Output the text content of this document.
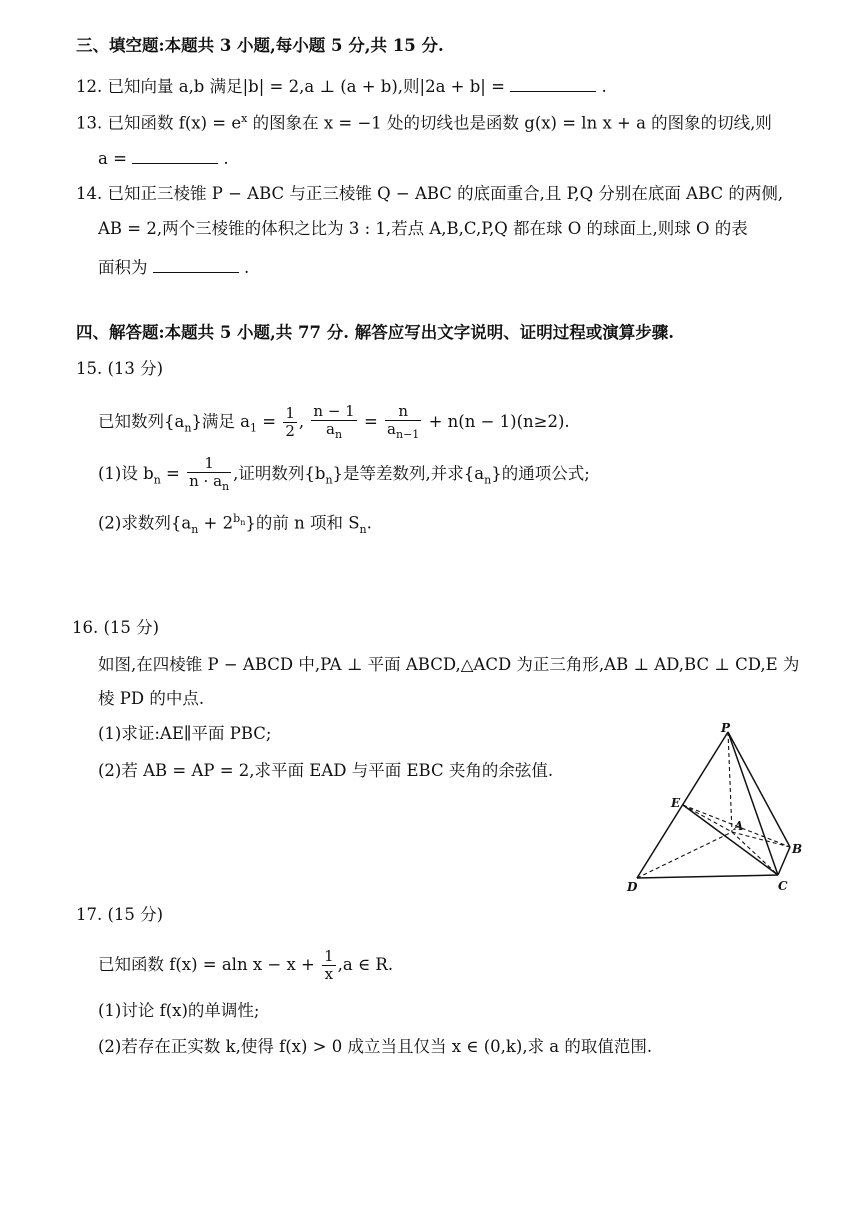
三、填空题:本题共 3 小题,每小题 5 分,共 15 分.
12. 已知向量 a,b 满足|b| = 2,a ⊥ (a + b),则|2a + b| =	.
13. 已知函数 $f(x) = e^x$ 的图象在 x = −1 处的切线也是函数 g(x) = ln x + a 的图象的切线,则
a =	.
14. 已知正三棱锥 P − ABC 与正三棱锥 Q − ABC 的底面重合,且 P,Q 分别在底面 ABC 的两侧,
AB = 2,两个三棱锥的体积之比为 3 : 1,若点 A,B,C,P,Q 都在球 O 的球面上,则球 O 的表
面积为	.
四、解答题:本题共 5 小题,共 77 分. 解答应写出文字说明、证明过程或演算步骤.
15. (13 分)
已知数列$\{a_n\}$满足 $a_1 = \frac{1}{2}$ , $\frac{n - 1}{a_n} = \frac{n}{a_{n-1}} + n(n - 1)(n\ge 2)$.
(1)设 $b_n = \frac{1}{n \cdot a_n}$ ,证明数列$\{b_n\}$是等差数列,并求$\{a_n\}$的通项公式;
(2)求数列$\{a_n + 2^{b_n}\}$的前 n 项和 $S_n$.
16. (15 分)
如图,在四棱锥 P − ABCD 中,PA ⊥ 平面 ABCD,△ACD 为正三角形,AB ⊥ AD,BC ⊥ CD,E 为
棱 PD 的中点.
(1)求证:AE∥平面 PBC;
(2)若 AB = AP = 2,求平面 EAD 与平面 EBC 夹角的余弦值.
P
E
A
B
D	C
17. (15 分)
已知函数 f(x) = aln $x - x + \frac{1}{x} ,a$ ∈ R.
(1)讨论 f(x)的单调性;
(2)若存在正实数 k,使得 f(x) > 0 成立当且仅当 x ∈ (0,k),求 a 的取值范围.
